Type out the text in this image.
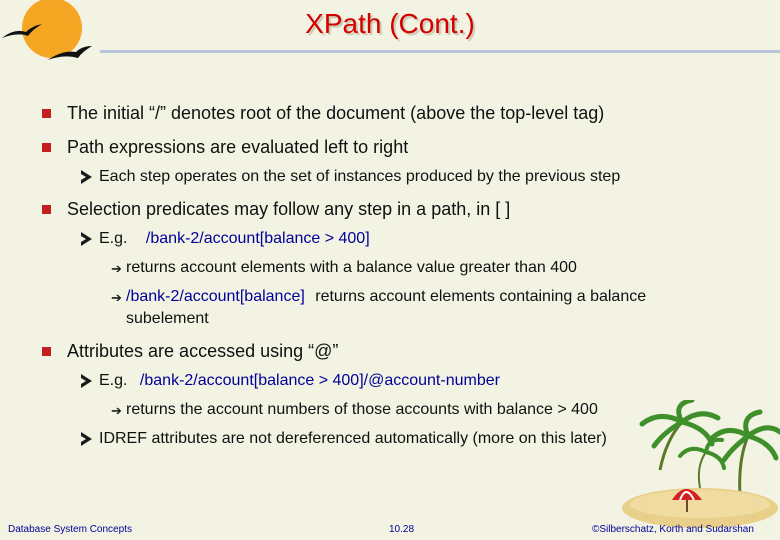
XPath (Cont.)
The initial “/” denotes root of the document (above the top-level tag)
Path expressions are evaluated left to right
Each step operates on the set of instances produced by the previous step
Selection predicates may follow any step in a path, in [ ]
E.g. /bank-2/account[balance > 400]
➔ returns account elements with a balance value greater than 400
➔ /bank-2/account[balance] returns account elements containing a balance
subelement
Attributes are accessed using “@”
E.g. /bank-2/account[balance > 400]/@account-number
➔ returns the account numbers of those accounts with balance > 400
IDREF attributes are not dereferenced automatically (more on this later)
Database System Concepts	10.28	©Silberschatz, Korth and Sudarshan
